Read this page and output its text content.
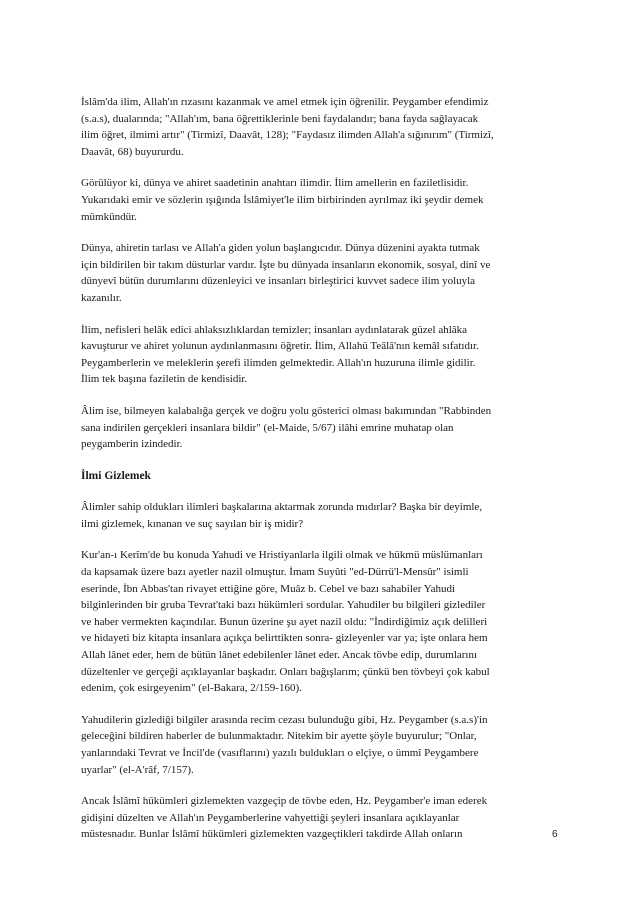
İslâm'da ilim, Allah'ın rızasını kazanmak ve amel etmek için öğrenilir. Peygamber efendimiz
(s.a.s), dualarında; "Allah'ım, bana öğrettiklerinle beni faydalandır; bana fayda sağlayacak
ilim öğret, ilmimi artır" (Tirmizî, Daavât, 128); "Faydasız ilimden Allah'a sığınırım" (Tirmizî,
Daavât, 68) buyururdu.
Görülüyor ki, dünya ve ahiret saadetinin anahtarı ilimdir. İlim amellerin en faziletlisidir.
Yukarıdaki emir ve sözlerin ışığında İslâmiyet'le ilim birbirinden ayrılmaz iki şeydir demek
mümkündür.
Dünya, ahiretin tarlası ve Allah'a giden yolun başlangıcıdır. Dünya düzenini ayakta tutmak
için bildirilen bir takım düsturlar vardır. İşte bu dünyada insanların ekonomik, sosyal, dinî ve
dünyevî bütün durumlarını düzenleyici ve insanları birleştirici kuvvet sadece ilim yoluyla
kazanılır.
İlim, nefisleri helâk edici ahlaksızlıklardan temizler; insanları aydınlatarak güzel ahlâka
kavuşturur ve ahiret yolunun aydınlanmasını öğretir. İlim, Allahü Teâlâ'nın kemâl sıfatıdır.
Peygamberlerin ve meleklerin şerefi ilimden gelmektedir. Allah'ın huzuruna ilimle gidilir.
İlim tek başına faziletin de kendisidir.
Âlim ise, bilmeyen kalabalığa gerçek ve doğru yolu gösterici olması bakımından "Rabbinden
sana indirilen gerçekleri insanlara bildir" (el-Maide, 5/67) ilâhi emrine muhatap olan
peygamberin izindedir.
İlmi Gizlemek
Âlimler sahip oldukları ilimleri başkalarına aktarmak zorunda mıdırlar? Başka bir deyimle,
ilmi gizlemek, kınanan ve suç sayılan bir iş midir?
Kur'an-ı Kerîm'de bu konuda Yahudi ve Hristiyanlarla ilgili olmak ve hükmü müslümanları
da kapsamak üzere bazı ayetler nazil olmuştur. İmam Suyûti "ed-Dürrü'l-Mensûr" isimli
eserinde, İbn Abbas'tan rivayet ettiğine göre, Muâz b. Cebel ve bazı sahabiler Yahudi
bilginlerinden bir gruba Tevrat'taki bazı hükümleri sordular. Yahudiler bu bilgileri gizlediler
ve haber vermekten kaçındılar. Bunun üzerine şu ayet nazil oldu: "İndirdiğimiz açık delilleri
ve hidayeti biz kitapta insanlara açıkça belirttikten sonra- gizleyenler var ya; işte onlara hem
Allah lânet eder, hem de bütün lânet edebilenler lânet eder. Ancak tövbe edip, durumlarını
düzeltenler ve gerçeği açıklayanlar başkadır. Onları bağışlarım; çünkü ben tövbeyi çok kabul
edenim, çok esirgeyenim" (el-Bakara, 2/159-160).
Yahudilerin gizlediği bilgiler arasında recim cezası bulunduğu gibi, Hz. Peygamber (s.a.s)'in
geleceğini bildiren haberler de bulunmaktadır. Nitekim bir ayette şöyle buyurulur; "Onlar,
yanlarındaki Tevrat ve İncil'de (vasıflarını) yazılı buldukları o elçiye, o ümmî Peygambere
uyarlar" (el-A'râf, 7/157).
Ancak İslâmî hükümleri gizlemekten vazgeçip de tövbe eden, Hz. Peygamber'e iman ederek
gidişini düzelten ve Allah'ın Peygamberlerine vahyettiği şeyleri insanlara açıklayanlar
müstesnadır. Bunlar İslâmî hükümleri gizlemekten vazgeçtikleri takdirde Allah onların	6
